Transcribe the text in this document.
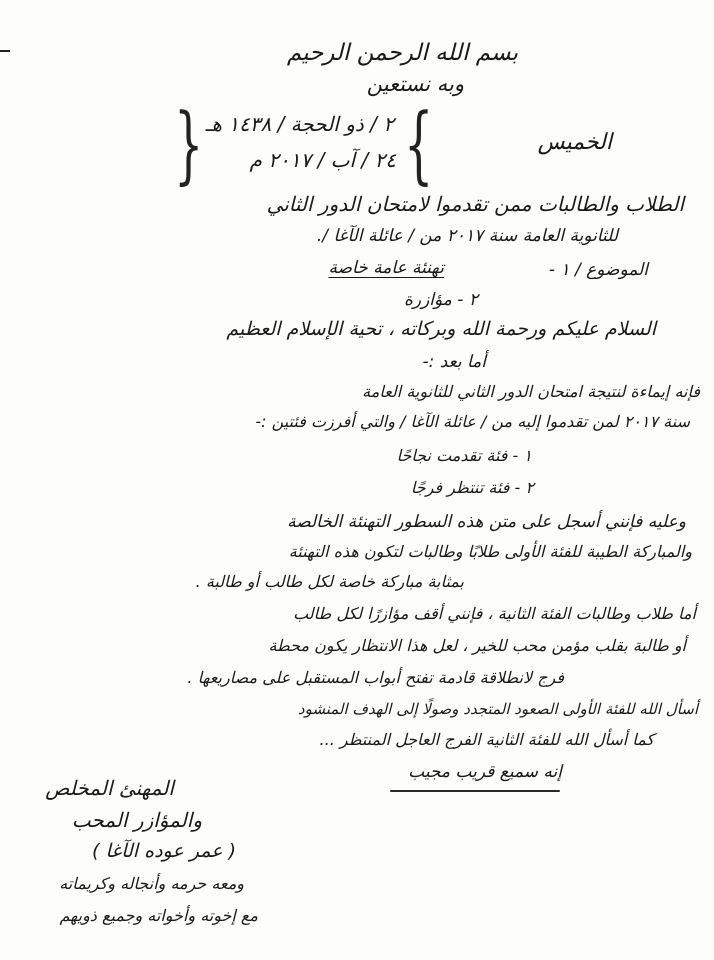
بسم الله الرحمن الرحيم
وبه نستعين
الخميس
{
٢ / ذو الحجة / ١٤٣٨ هـ
٢٤ / آب / ٢٠١٧ م
}
الطلاب والطالبات ممن تقدموا لامتحان الدور الثاني
للثانوية العامة سنة ٢٠١٧ من / عائلة الآغا /.
الموضوع / ١ -
تهنئة عامة خاصة
٢ - مؤازرة
السلام عليكم ورحمة الله وبركاته ، تحية الإسلام العظيم
أما بعد :-
فإنه إيماءة لنتيجة امتحان الدور الثاني للثانوية العامة
سنة ٢٠١٧ لمن تقدموا إليه من / عائلة الآغا / والتي أفرزت فئتين :-
١ - فئة تقدمت نجاحًا
٢ - فئة تنتظر فرجًا
وعليه فإنني أسجل على متن هذه السطور التهنئة الخالصة
والمباركة الطيبة للفئة الأولى طلابًا وطالبات لتكون هذه التهنئة
بمثابة مباركة خاصة لكل طالب أو طالبة .
أما طلاب وطالبات الفئة الثانية ، فإنني أقف مؤازرًا لكل طالب
أو طالبة بقلب مؤمن محب للخير ، لعل هذا الانتظار يكون محطة
فرج لانطلاقة قادمة تفتح أبواب المستقبل على مصاريعها .
أسأل الله للفئة الأولى الصعود المتجدد وصولًا إلى الهدف المنشود
كما أسأل الله للفئة الثانية الفرج العاجل المنتظر ...
إنه سميع قريب مجيب
المهنئ المخلص
والمؤازر المحب
( عمر عوده الآغا )
ومعه حرمه وأنجاله وكريماته
مع إخوته وأخواته وجميع ذويهم
